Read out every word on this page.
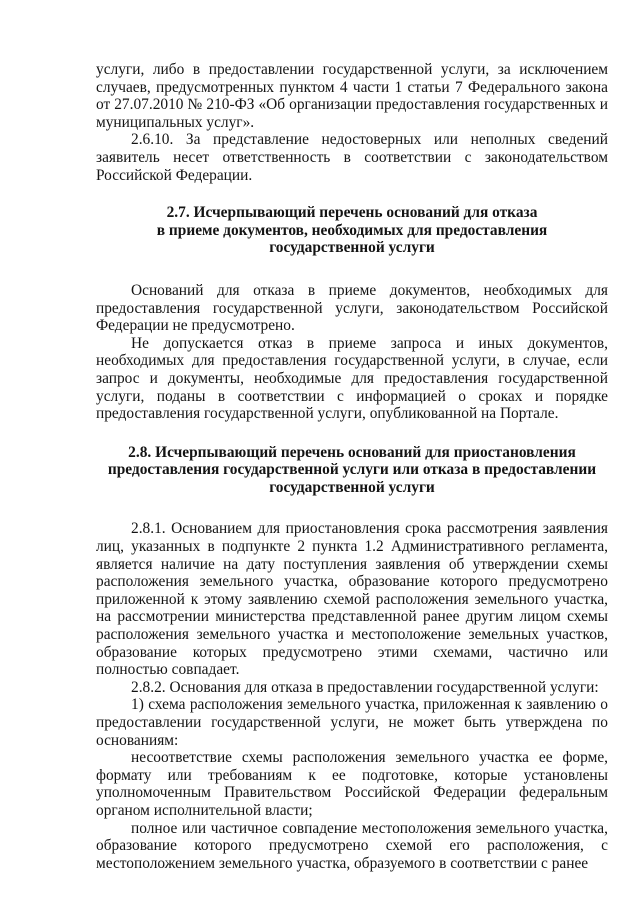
услуги, либо в предоставлении государственной услуги, за исключением случаев, предусмотренных пунктом 4 части 1 статьи 7 Федерального закона от 27.07.2010 № 210-ФЗ «Об организации предоставления государственных и муниципальных услуг».

2.6.10. За представление недостоверных или неполных сведений заявитель несет ответственность в соответствии с законодательством Российской Федерации.

2.7. Исчерпывающий перечень оснований для отказа
в приеме документов, необходимых для предоставления
государственной услуги

Оснований для отказа в приеме документов, необходимых для предоставления государственной услуги, законодательством Российской Федерации не предусмотрено.

Не допускается отказ в приеме запроса и иных документов, необходимых для предоставления государственной услуги, в случае, если запрос и документы, необходимые для предоставления государственной услуги, поданы в соответствии с информацией о сроках и порядке предоставления государственной услуги, опубликованной на Портале.

2.8. Исчерпывающий перечень оснований для приостановления
предоставления государственной услуги или отказа в предоставлении
государственной услуги

2.8.1. Основанием для приостановления срока рассмотрения заявления лиц, указанных в подпункте 2 пункта 1.2 Административного регламента, является наличие на дату поступления заявления об утверждении схемы расположения земельного участка, образование которого предусмотрено приложенной к этому заявлению схемой расположения земельного участка, на рассмотрении министерства представленной ранее другим лицом схемы расположения земельного участка и местоположение земельных участков, образование которых предусмотрено этими схемами, частично или полностью совпадает.

2.8.2. Основания для отказа в предоставлении государственной услуги:

1) схема расположения земельного участка, приложенная к заявлению о предоставлении государственной услуги, не может быть утверждена по основаниям:

несоответствие схемы расположения земельного участка ее форме, формату или требованиям к ее подготовке, которые установлены уполномоченным Правительством Российской Федерации федеральным органом исполнительной власти;

полное или частичное совпадение местоположения земельного участка, образование которого предусмотрено схемой его расположения, с местоположением земельного участка, образуемого в соответствии с ранее
